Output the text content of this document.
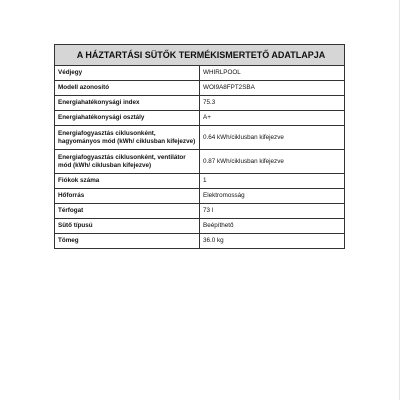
A HÁZTARTÁSI SÜTŐK TERMÉKISMERTETŐ ADATLAPJA	
Védjegy	WHIRLPOOL
Modell azonosító	WOI9A8FPT2SBA
Energiahatékonysági index	75.3
Energiahatékonysági osztály	A+
Energiafogyasztás ciklusonként, hagyományos mód (kWh/ ciklusban kifejezve)	0.64 kWh/ciklusban kifejezve
Energiafogyasztás ciklusonként, ventilátor mód (kWh/ ciklusban kifejezve)	0.87 kWh/ciklusban kifejezve
Fiókok száma	1
Hőforrás	Elektromosság
Térfogat	73 l
Sütő típusú	Beépíthető
Tömeg	36.0 kg
